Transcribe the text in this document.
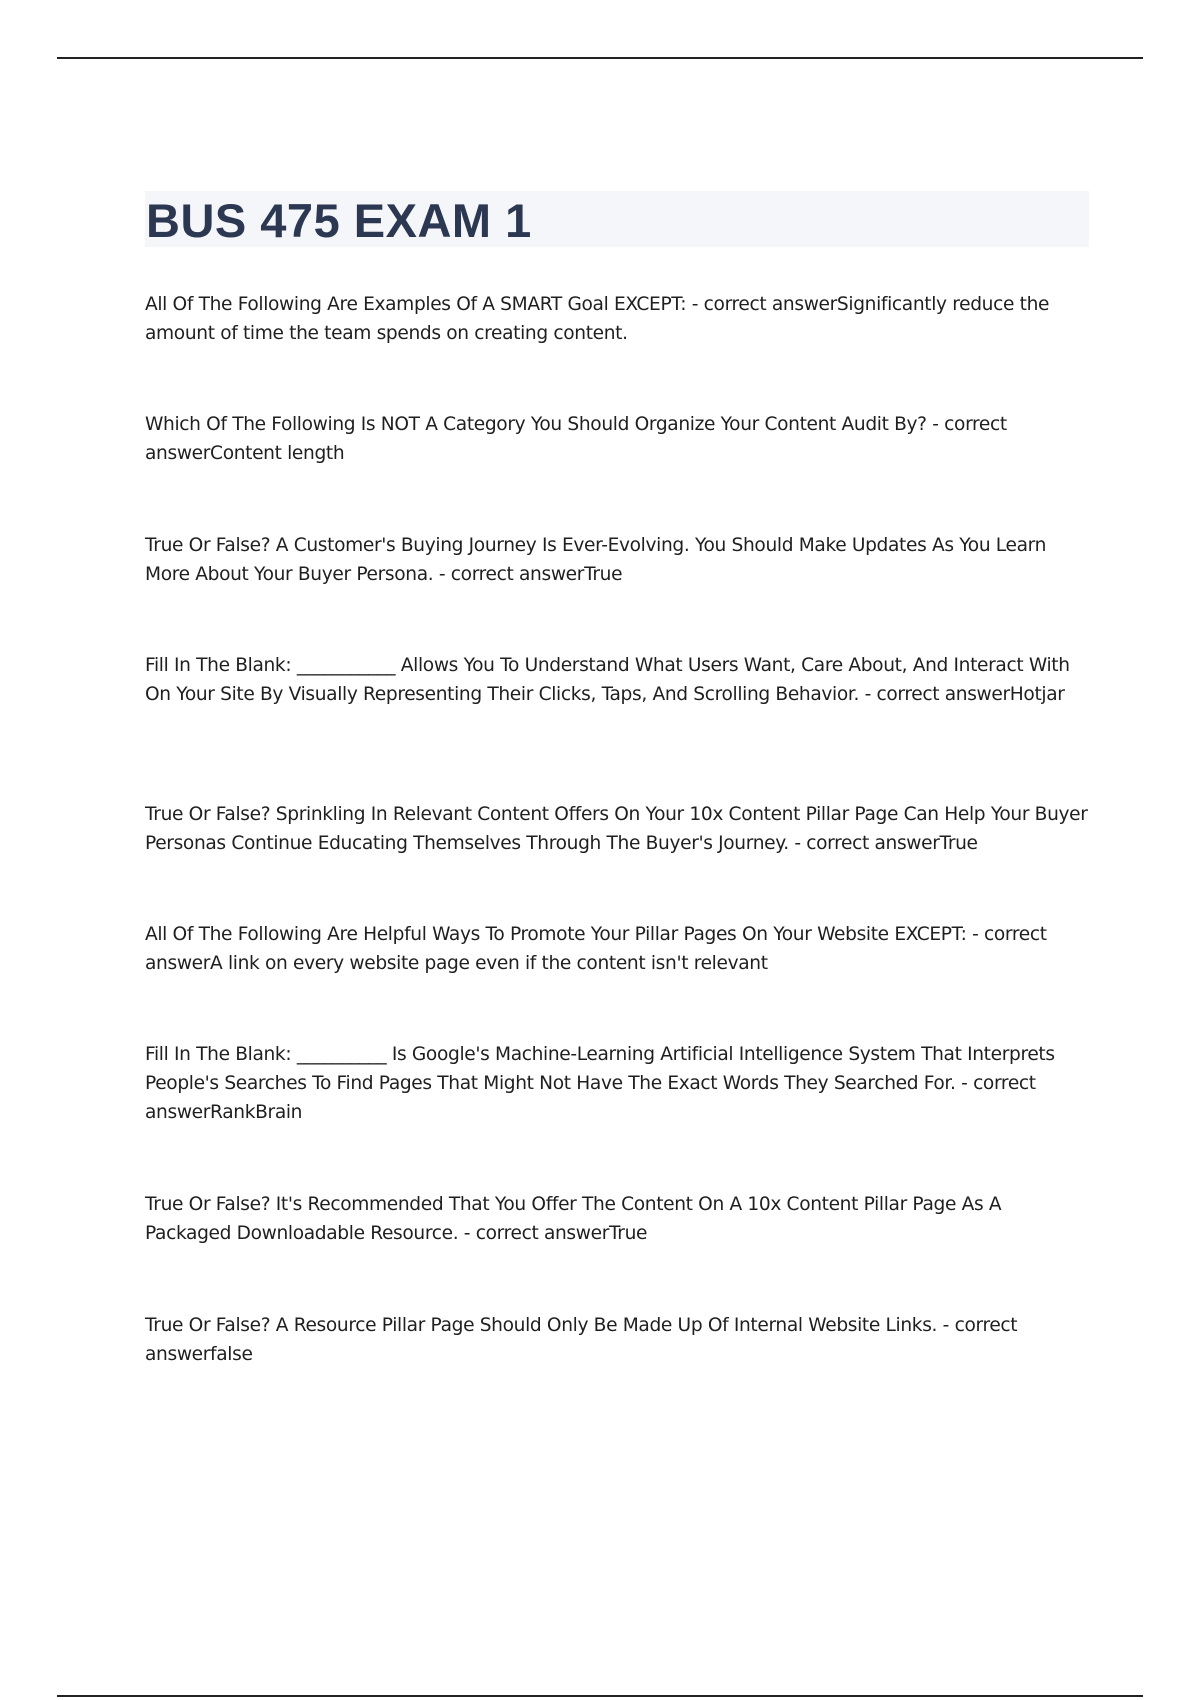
BUS 475 EXAM 1

All Of The Following Are Examples Of A SMART Goal EXCEPT: - correct answerSignificantly reduce the amount of time the team spends on creating content.

Which Of The Following Is NOT A Category You Should Organize Your Content Audit By? - correct answerContent length

True Or False? A Customer's Buying Journey Is Ever-Evolving. You Should Make Updates As You Learn More About Your Buyer Persona. - correct answerTrue

Fill In The Blank: ___________ Allows You To Understand What Users Want, Care About, And Interact With On Your Site By Visually Representing Their Clicks, Taps, And Scrolling Behavior. - correct answerHotjar

True Or False? Sprinkling In Relevant Content Offers On Your 10x Content Pillar Page Can Help Your Buyer Personas Continue Educating Themselves Through The Buyer's Journey. - correct answerTrue

All Of The Following Are Helpful Ways To Promote Your Pillar Pages On Your Website EXCEPT: - correct answerA link on every website page even if the content isn't relevant

Fill In The Blank: __________ Is Google's Machine-Learning Artificial Intelligence System That Interprets People's Searches To Find Pages That Might Not Have The Exact Words They Searched For. - correct answerRankBrain

True Or False? It's Recommended That You Offer The Content On A 10x Content Pillar Page As A Packaged Downloadable Resource. - correct answerTrue

True Or False? A Resource Pillar Page Should Only Be Made Up Of Internal Website Links. - correct answerfalse
